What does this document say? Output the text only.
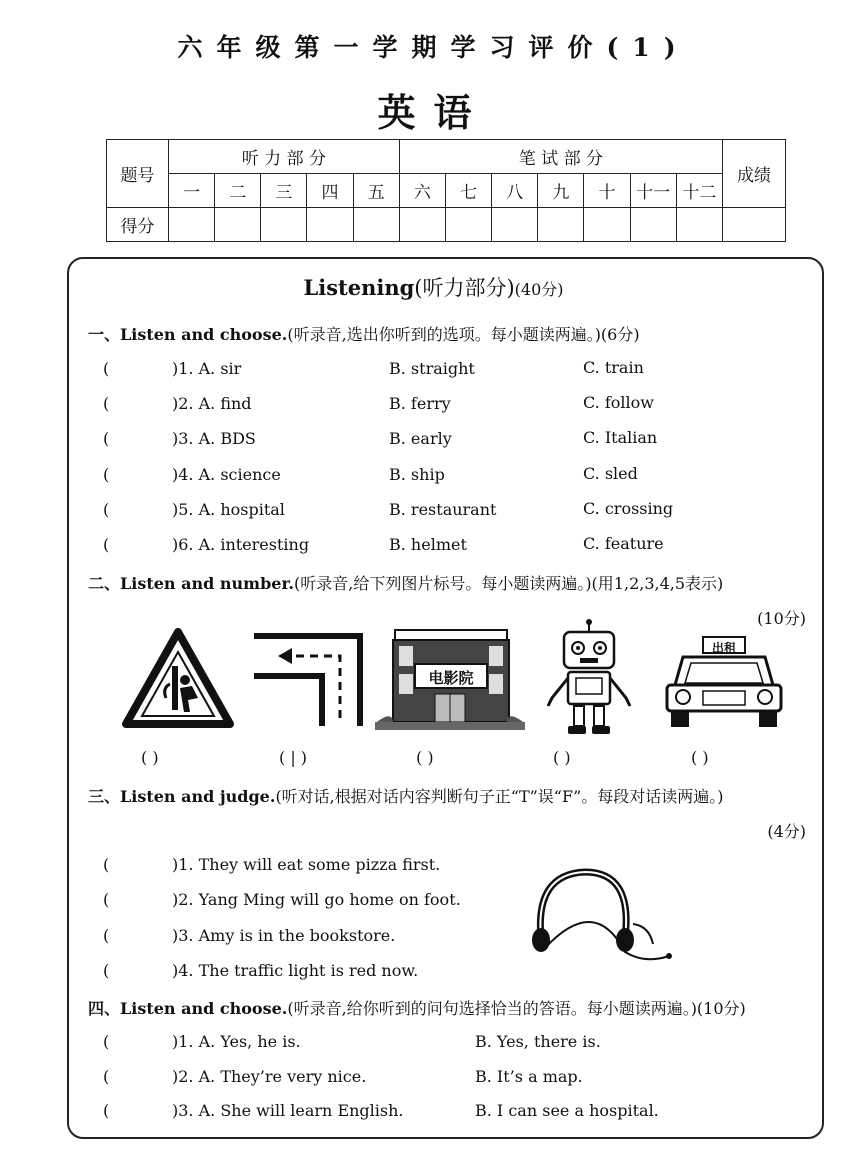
六年级第一学期学习评价(1)
英语
题号	听 力 部 分					笔 试 部 分							成绩
	一	二	三	四	五	六	七	八	九	十	十一	十二	
得分													
Listening(听力部分)(40分)
一、Listen and choose.(听录音,选出你听到的选项。每小题读两遍。)(6分)
(	)1. A. sir	B. straight	C. train
(	)2. A. find	B. ferry	C. follow
(	)3. A. BDS	B. early	C. Italian
(	)4. A. science	B. ship	C. sled
(	)5. A. hospital	B. restaurant	C. crossing
(	)6. A. interesting	B. helmet	C. feature
二、Listen and number.(听录音,给下列图片标号。每小题读两遍。)(用1,2,3,4,5表示)
(10分)
电影院
出租
( )	( | )	( )	( )	( )
三、Listen and judge.(听对话,根据对话内容判断句子正“T”误“F”。每段对话读两遍。)
(4分)
(	)1. They will eat some pizza first.
(	)2. Yang Ming will go home on foot.
(	)3. Amy is in the bookstore.
(	)4. The traffic light is red now.
四、Listen and choose.(听录音,给你听到的问句选择恰当的答语。每小题读两遍。)(10分)
(	)1. A. Yes, he is.	B. Yes, there is.
(	)2. A. They’re very nice.	B. It’s a map.
(	)3. A. She will learn English.	B. I can see a hospital.
